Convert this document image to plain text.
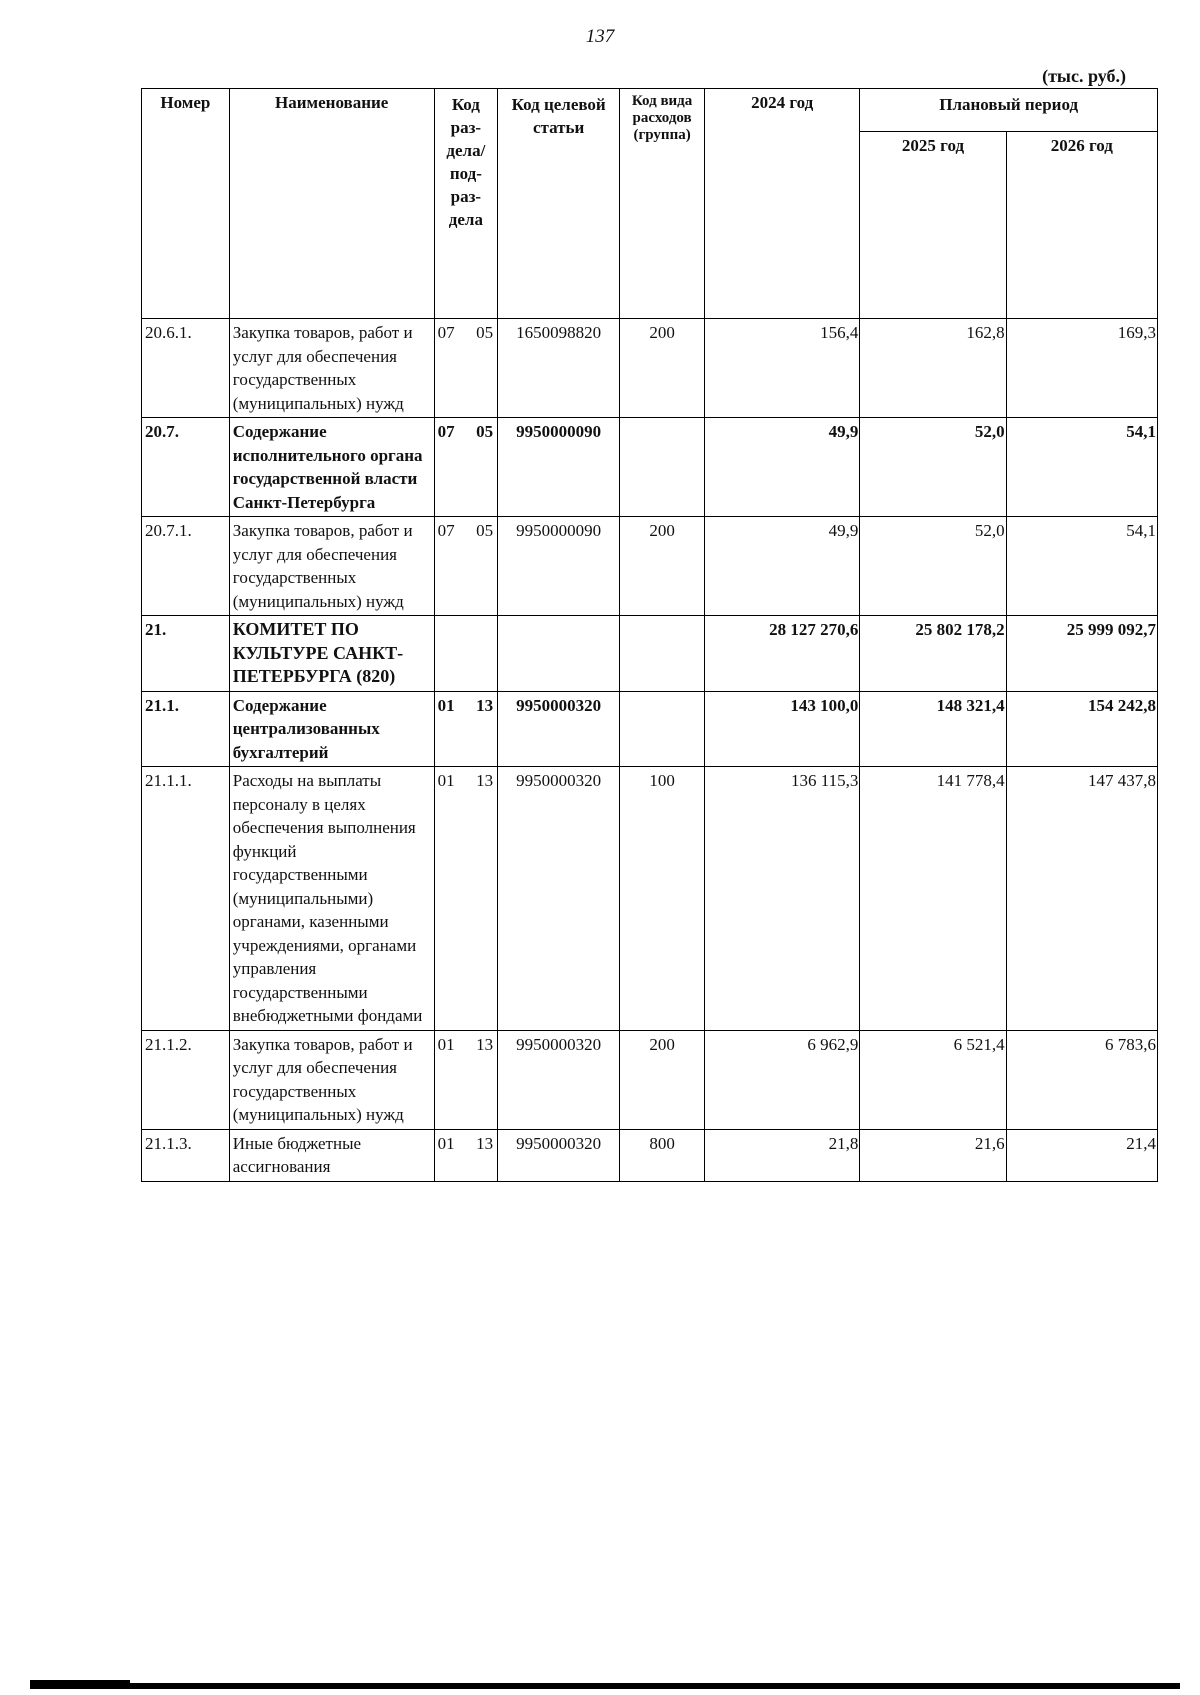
137
(тыс. руб.)
Номер	Наименование	Код раз- дела/ под- раз- дела	Код целевой статьи	Код вида расходов (группа)	2024 год	Плановый период	
						2025 год	2026 год
20.6.1.	Закупка товаров, работ и услуг для обеспечения государственных (муниципальных) нужд	07 05	1650098820	200	156,4	162,8	169,3
20.7.	Содержание исполнительного органа государственной власти Санкт-Петербурга	07 05	9950000090		49,9	52,0	54,1
20.7.1.	Закупка товаров, работ и услуг для обеспечения государственных (муниципальных) нужд	07 05	9950000090	200	49,9	52,0	54,1
21.	КОМИТЕТ ПО КУЛЬТУРЕ САНКТ-ПЕТЕРБУРГА (820)				28 127 270,6	25 802 178,2	25 999 092,7
21.1.	Содержание централизованных бухгалтерий	01 13	9950000320		143 100,0	148 321,4	154 242,8
21.1.1.	Расходы на выплаты персоналу в целях обеспечения выполнения функций государственными (муниципальными) органами, казенными учреждениями, органами управления государственными внебюджетными фондами	01 13	9950000320	100	136 115,3	141 778,4	147 437,8
21.1.2.	Закупка товаров, работ и услуг для обеспечения государственных (муниципальных) нужд	01 13	9950000320	200	6 962,9	6 521,4	6 783,6
21.1.3.	Иные бюджетные ассигнования	01 13	9950000320	800	21,8	21,6	21,4
